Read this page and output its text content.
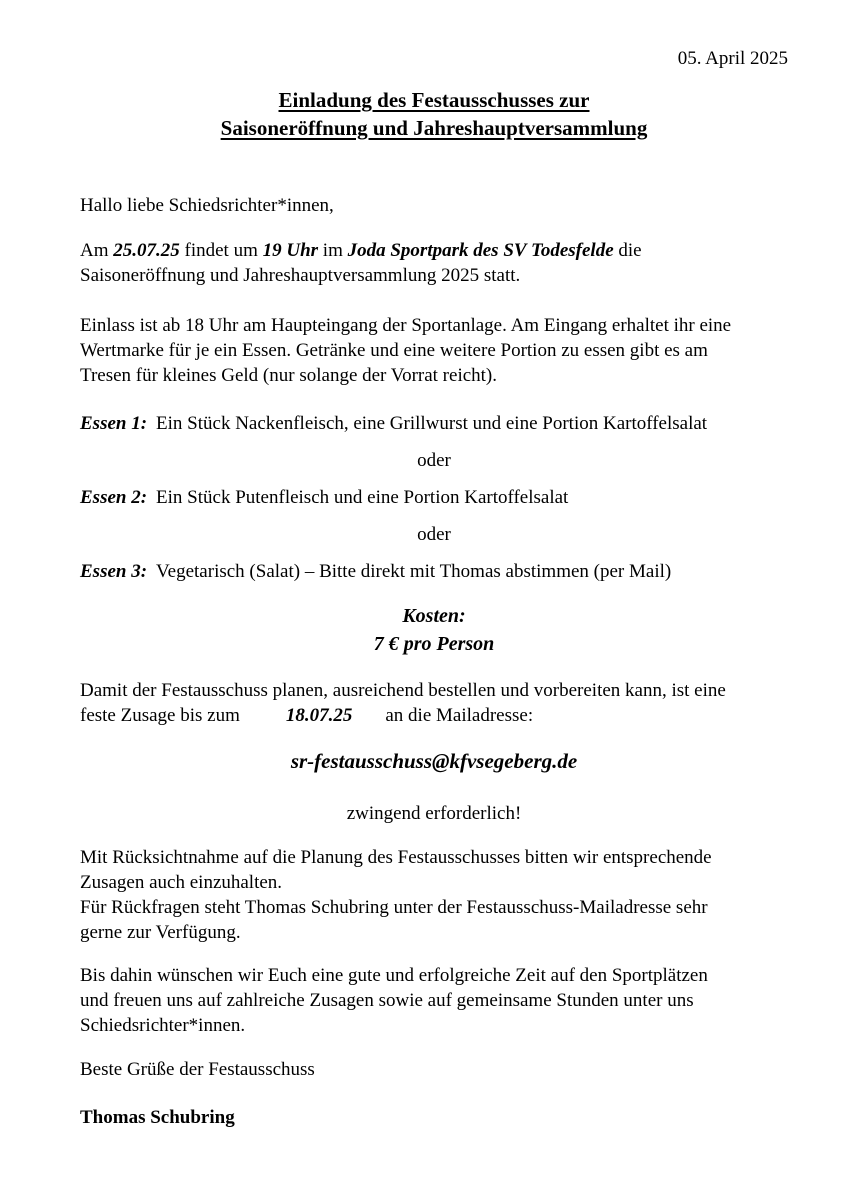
05. April 2025
Einladung des Festausschusses zur
Saisoneröffnung und Jahreshauptversammlung
Hallo liebe Schiedsrichter*innen,
Am 25.07.25 findet um 19 Uhr im Joda Sportpark des SV Todesfelde die
Saisoneröffnung und Jahreshauptversammlung 2025 statt.
Einlass ist ab 18 Uhr am Haupteingang der Sportanlage. Am Eingang erhaltet ihr eine
Wertmarke für je ein Essen. Getränke und eine weitere Portion zu essen gibt es am
Tresen für kleines Geld (nur solange der Vorrat reicht).
Essen 1: Ein Stück Nackenfleisch, eine Grillwurst und eine Portion Kartoffelsalat
oder
Essen 2: Ein Stück Putenfleisch und eine Portion Kartoffelsalat
oder
Essen 3: Vegetarisch (Salat) – Bitte direkt mit Thomas abstimmen (per Mail)
Kosten:
7 € pro Person
Damit der Festausschuss planen, ausreichend bestellen und vorbereiten kann, ist eine
feste Zusage bis zum 18.07.25 an die Mailadresse:
sr-festausschuss@kfvsegeberg.de
zwingend erforderlich!
Mit Rücksichtnahme auf die Planung des Festausschusses bitten wir entsprechende
Zusagen auch einzuhalten.
Für Rückfragen steht Thomas Schubring unter der Festausschuss-Mailadresse sehr
gerne zur Verfügung.
Bis dahin wünschen wir Euch eine gute und erfolgreiche Zeit auf den Sportplätzen
und freuen uns auf zahlreiche Zusagen sowie auf gemeinsame Stunden unter uns
Schiedsrichter*innen.
Beste Grüße der Festausschuss
Thomas Schubring
